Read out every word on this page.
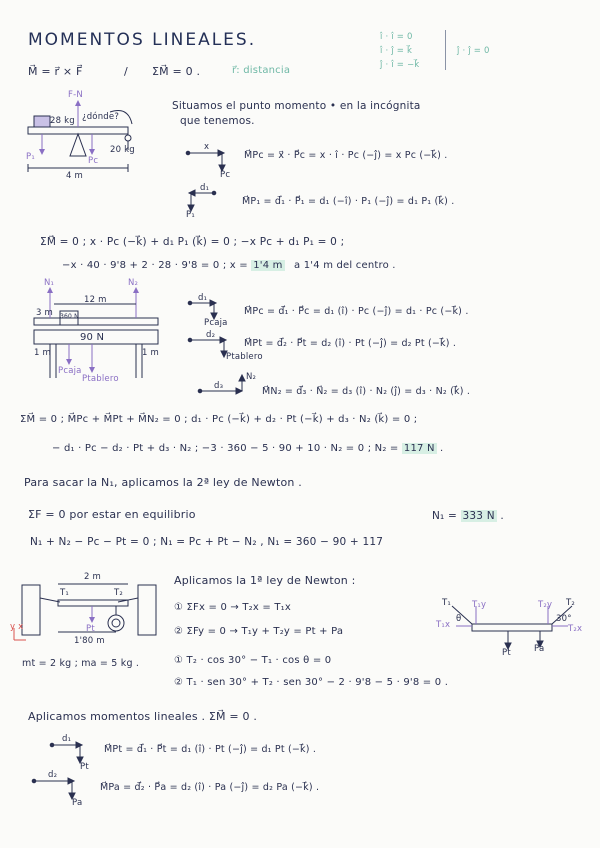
MOMENTOS LINEALES.
M⃗ = r⃗ × F⃗	/ ΣM⃗ = 0 .	r⃗: distancia
î · î = 0
î · ĵ = k⃗
ĵ · î = −k⃗
ĵ · ĵ = 0
28 kg
F-N
¿dónde?
20 kg
P₁	Pc
4 m
Situamos el punto momento • en la incógnita
que tenemos.
x
Pc
M⃗Pc = x⃗ · P⃗c = x · î · Pc (−ĵ) = x Pc (−k⃗) .
d₁
P₁
M⃗P₁ = d⃗₁ · P⃗₁ = d₁ (−î) · P₁ (−ĵ) = d₁ P₁ (k⃗) .
ΣM⃗ = 0 ; x · Pc (−k⃗) + d₁ P₁ (k⃗) = 0 ; −x Pc + d₁ P₁ = 0 ;
−x · 40 · 9'8 + 2 · 28 · 9'8 = 0 ; x = 1'4 m a 1'4 m del centro .
N₁	N₂
12 m
3 m 360 N
90 N
1 m	1 m
Pcaja
Ptablero
d₁
Pcaja
M⃗Pc = d⃗₁ · P⃗c = d₁ (î) · Pc (−ĵ) = d₁ · Pc (−k⃗) .
d₂
Ptablero
M⃗Pt = d⃗₂ · P⃗t = d₂ (î) · Pt (−ĵ) = d₂ Pt (−k⃗) .
d₃
N₂
M⃗N₂ = d⃗₃ · N⃗₂ = d₃ (î) · N₂ (ĵ) = d₃ · N₂ (k⃗) .
ΣM⃗ = 0 ; M⃗Pc + M⃗Pt + M⃗N₂ = 0 ; d₁ · Pc (−k⃗) + d₂ · Pt (−k⃗) + d₃ · N₂ (k⃗) = 0 ;
− d₁ · Pc − d₂ · Pt + d₃ · N₂ ; −3 · 360 − 5 · 90 + 10 · N₂ = 0 ; N₂ = 117 N .
Para sacar la N₁, aplicamos la 2ª ley de Newton .
ΣF = 0 por estar en equilibrio	N₁ = 333 N .
N₁ + N₂ − Pc − Pt = 0 ; N₁ = Pc + Pt − N₂ , N₁ = 360 − 90 + 117
2 m
T₁	T₂
1'80 m
Pt
y x
mt = 2 kg ; ma = 5 kg .
Aplicamos la 1ª ley de Newton :
① ΣFx = 0 → T₂x = T₁x
② ΣFy = 0 → T₁y + T₂y = Pt + Pa
① T₂ · cos 30° − T₁ · cos θ = 0
② T₁ · sen 30° + T₂ · sen 30° − 2 · 9'8 − 5 · 9'8 = 0 .
T₁ T₁y	T₂y T₂
T₁x
θ	30°
T₂x
Pt	Pa
Aplicamos momentos lineales . ΣM⃗ = 0 .
d₁
Pt
M⃗Pt = d⃗₁ · P⃗t = d₁ (î) · Pt (−ĵ) = d₁ Pt (−k⃗) .
d₂
Pa
M⃗Pa = d⃗₂ · P⃗a = d₂ (î) · Pa (−ĵ) = d₂ Pa (−k⃗) .
